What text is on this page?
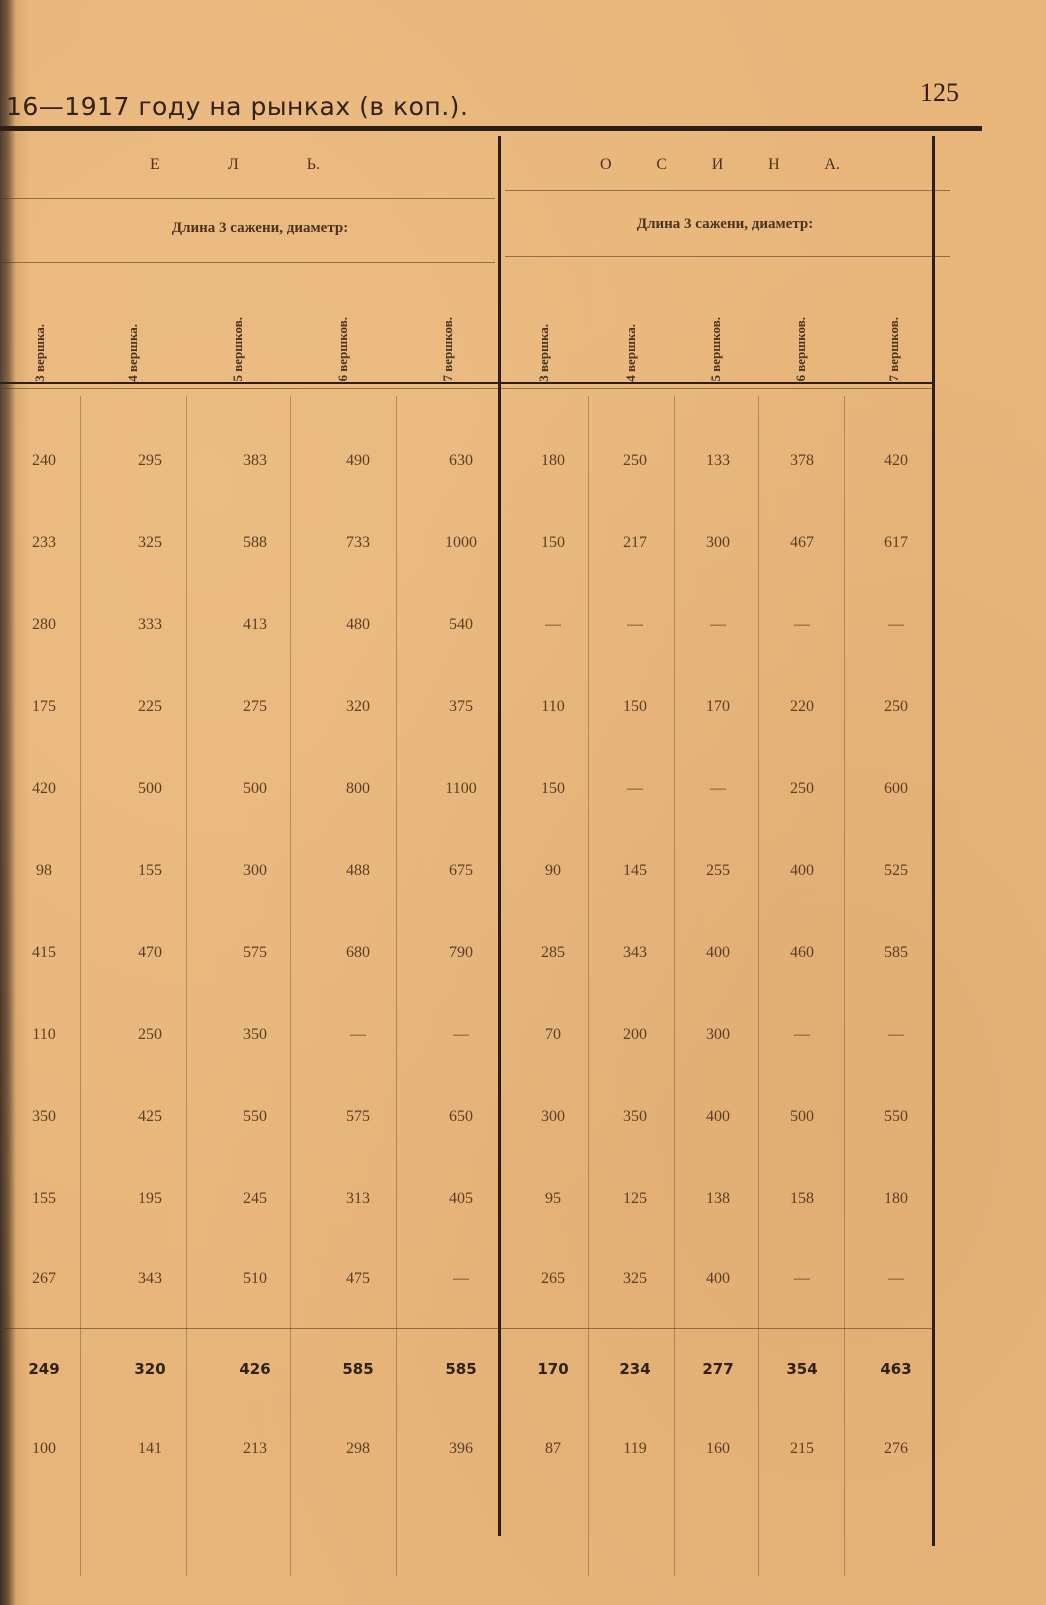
16—1917 году на рынках (в коп.).	125
Е	Л	Ь.	О	С	И	Н	А.
Длина 3 сажени, диаметр:	Длина 3 сажени, диаметр:
3 вершка.	4 вершка.	5 вершков.	6 вершков.	7 вершков.	3 вершка.	4 вершка.	5 вершков.	6 вершков.	7 вершков.
240	295	383	490	630	180	250	133	378	420
233	325	588	733	1000	150	217	300	467	617
280	333	413	480	540	—	—	—	—	—
175	225	275	320	375	110	150	170	220	250
420	500	500	800	1100	150	—	—	250	600
98	155	300	488	675	90	145	255	400	525
415	470	575	680	790	285	343	400	460	585
110	250	350	—	—	70	200	300	—	—
350	425	550	575	650	300	350	400	500	550
155	195	245	313	405	95	125	138	158	180
267	343	510	475	—	265	325	400	—	—
249	320	426	585	585	170	234	277	354	463
100	141	213	298	396	87	119	160	215	276
